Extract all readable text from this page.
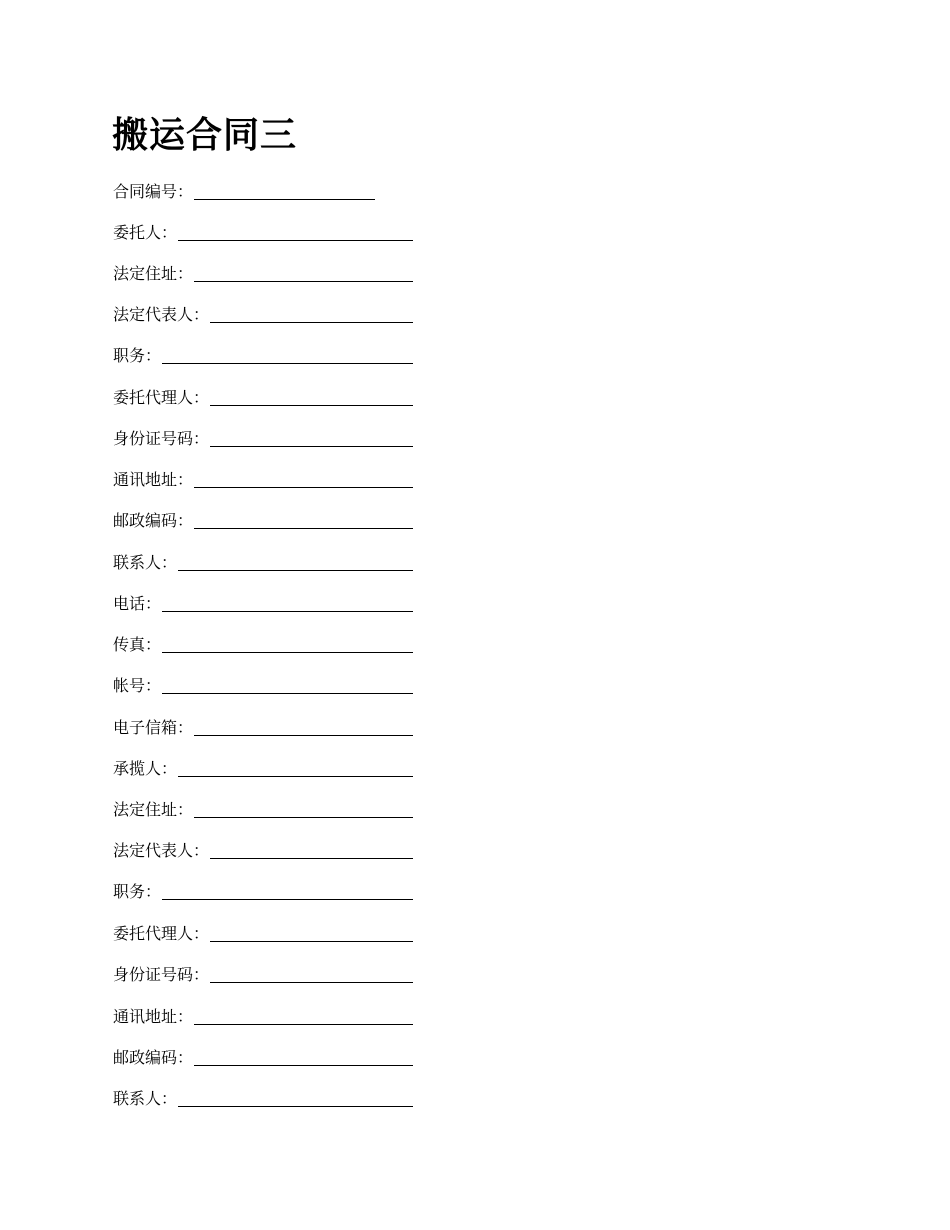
搬运合同三
合同编号：
委托人：
法定住址：
法定代表人：
职务：
委托代理人：
身份证号码：
通讯地址：
邮政编码：
联系人：
电话：
传真：
帐号：
电子信箱：
承揽人：
法定住址：
法定代表人：
职务：
委托代理人：
身份证号码：
通讯地址：
邮政编码：
联系人：
